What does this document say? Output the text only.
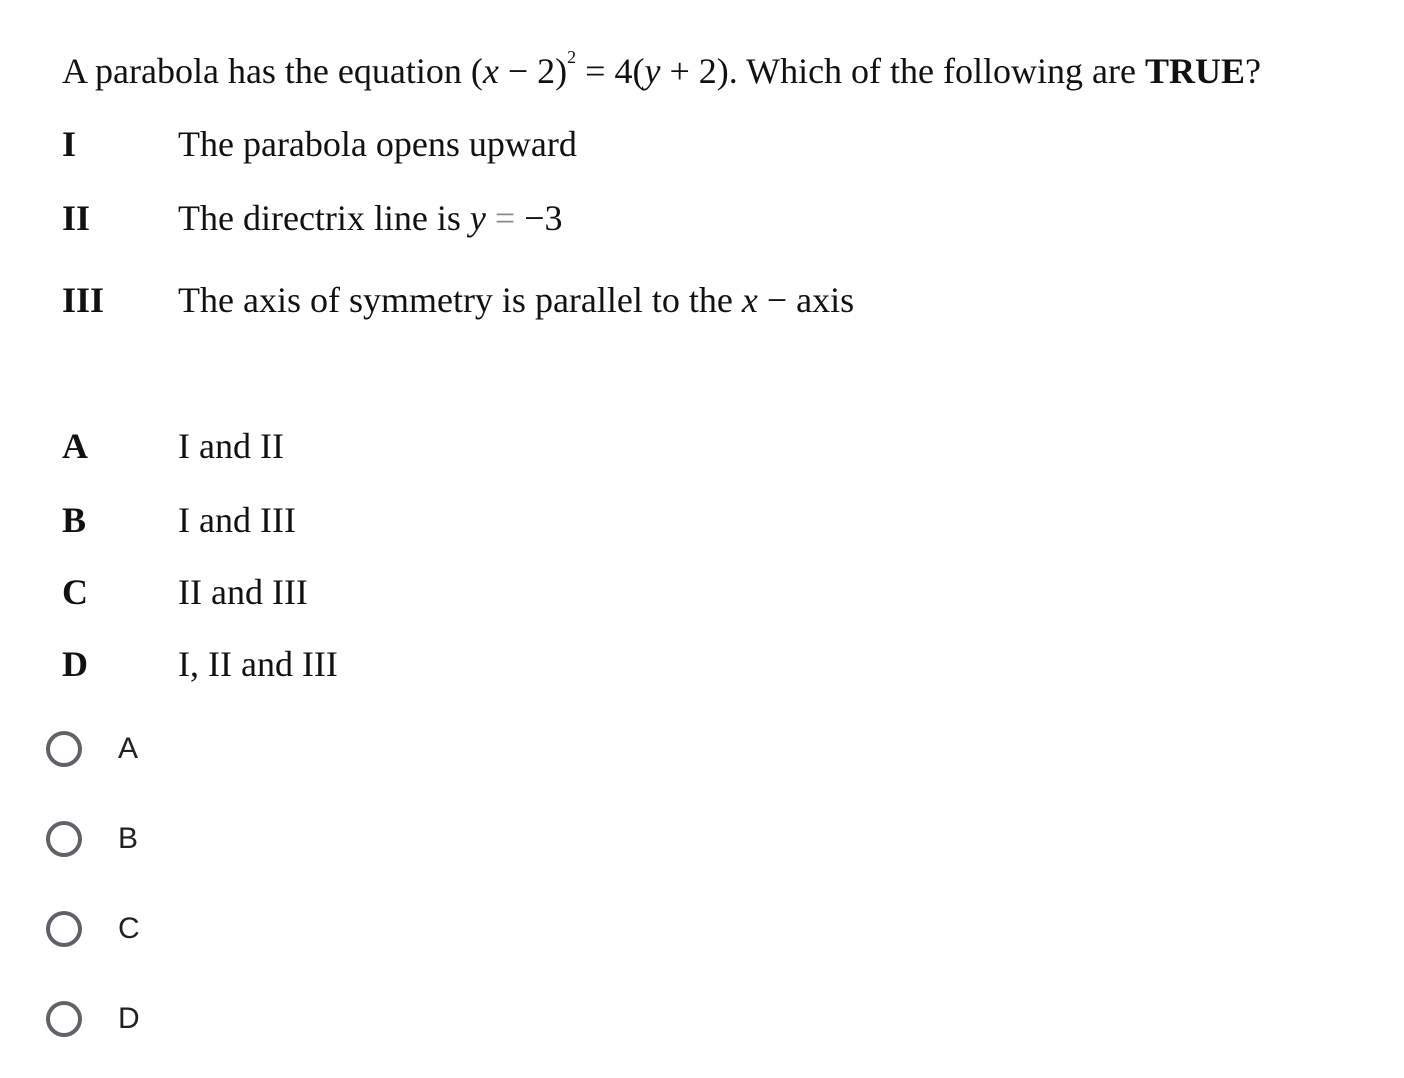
A parabola has the equation $(x - 2)^2 = 4(y + 2)$. Which of the following are TRUE?
I	The parabola opens upward
II	The directrix line is y = −3
III	The axis of symmetry is parallel to the x − axis
A	I and II
B	I and III
C	II and III
D	I, II and III
A
B
C
D
